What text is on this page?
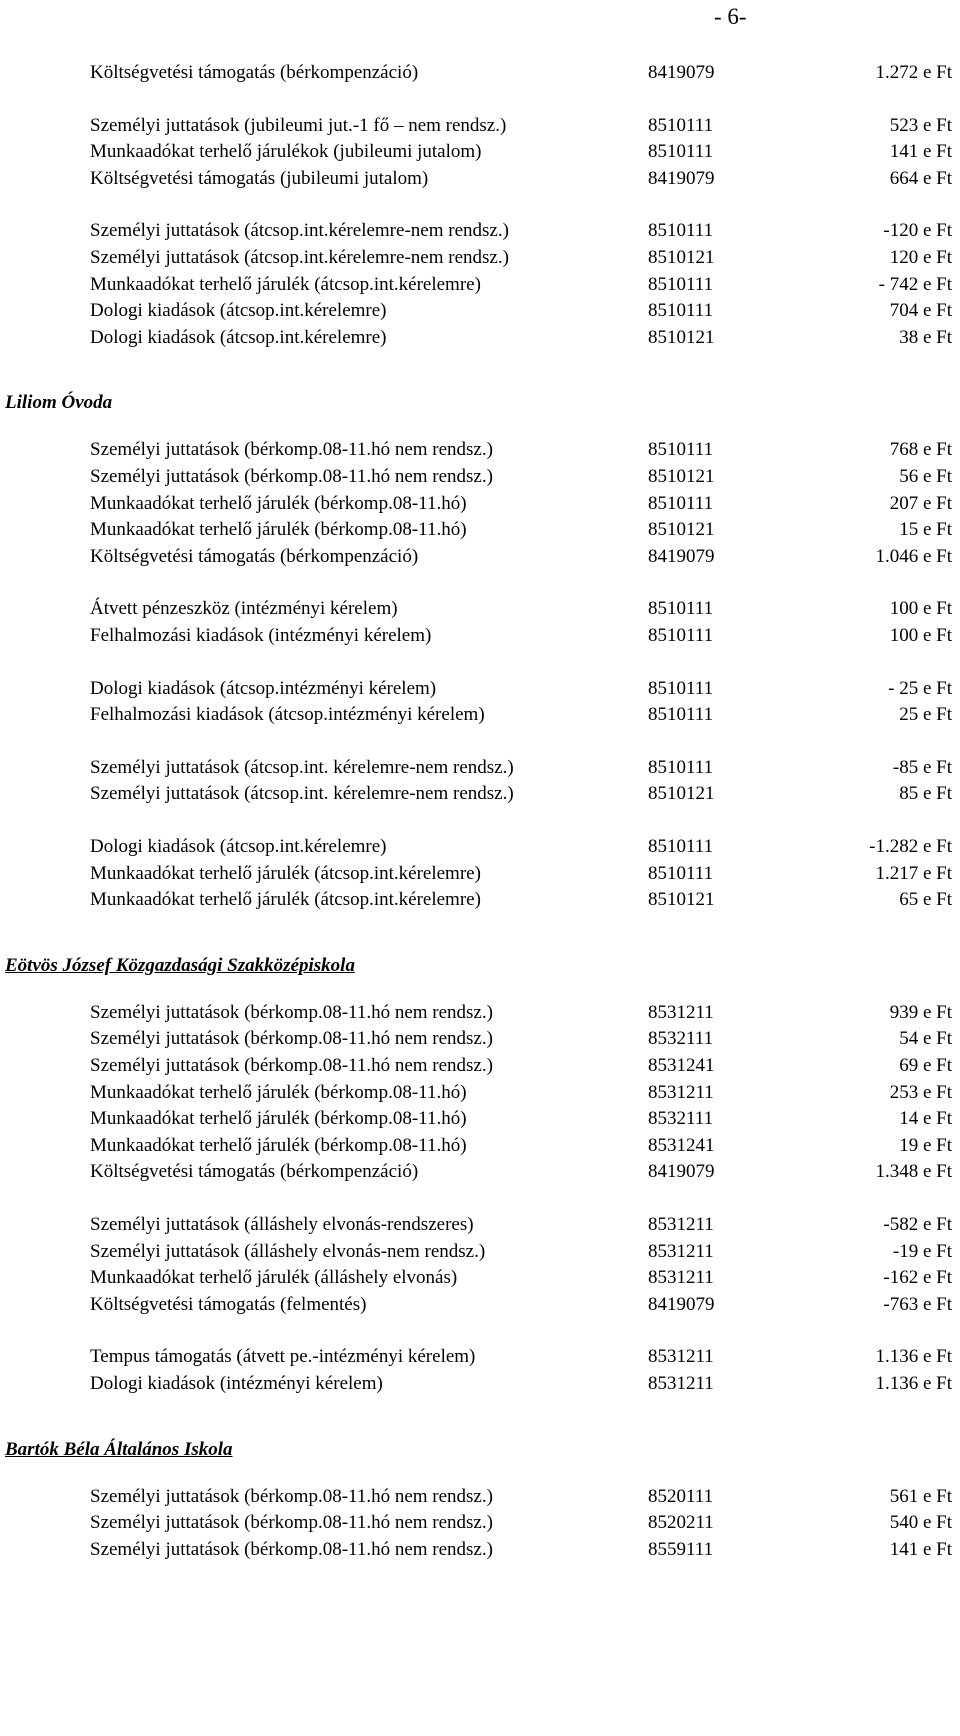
- 6-
Költségvetési támogatás (bérkompenzáció)	8419079	1.272 e Ft
Személyi juttatások (jubileumi jut.-1 fő – nem rendsz.)	8510111	523 e Ft
Munkaadókat terhelő járulékok (jubileumi jutalom)	8510111	141 e Ft
Költségvetési támogatás (jubileumi jutalom)	8419079	664 e Ft
Személyi juttatások (átcsop.int.kérelemre-nem rendsz.)	8510111	-120 e Ft
Személyi juttatások (átcsop.int.kérelemre-nem rendsz.)	8510121	120 e Ft
Munkaadókat terhelő járulék (átcsop.int.kérelemre)	8510111	- 742 e Ft
Dologi kiadások (átcsop.int.kérelemre)	8510111	704 e Ft
Dologi kiadások (átcsop.int.kérelemre)	8510121	38 e Ft
Liliom Óvoda
Személyi juttatások (bérkomp.08-11.hó nem rendsz.)	8510111	768 e Ft
Személyi juttatások (bérkomp.08-11.hó nem rendsz.)	8510121	56 e Ft
Munkaadókat terhelő járulék (bérkomp.08-11.hó)	8510111	207 e Ft
Munkaadókat terhelő járulék (bérkomp.08-11.hó)	8510121	15 e Ft
Költségvetési támogatás (bérkompenzáció)	8419079	1.046 e Ft
Átvett pénzeszköz (intézményi kérelem)	8510111	100 e Ft
Felhalmozási kiadások (intézményi kérelem)	8510111	100 e Ft
Dologi kiadások (átcsop.intézményi kérelem)	8510111	- 25 e Ft
Felhalmozási kiadások (átcsop.intézményi kérelem)	8510111	25 e Ft
Személyi juttatások (átcsop.int. kérelemre-nem rendsz.)	8510111	-85 e Ft
Személyi juttatások (átcsop.int. kérelemre-nem rendsz.)	8510121	85 e Ft
Dologi kiadások (átcsop.int.kérelemre)	8510111	-1.282 e Ft
Munkaadókat terhelő járulék (átcsop.int.kérelemre)	8510111	1.217 e Ft
Munkaadókat terhelő járulék (átcsop.int.kérelemre)	8510121	65 e Ft
Eötvös József Közgazdasági Szakközépiskola
Személyi juttatások (bérkomp.08-11.hó nem rendsz.)	8531211	939 e Ft
Személyi juttatások (bérkomp.08-11.hó nem rendsz.)	8532111	54 e Ft
Személyi juttatások (bérkomp.08-11.hó nem rendsz.)	8531241	69 e Ft
Munkaadókat terhelő járulék (bérkomp.08-11.hó)	8531211	253 e Ft
Munkaadókat terhelő járulék (bérkomp.08-11.hó)	8532111	14 e Ft
Munkaadókat terhelő járulék (bérkomp.08-11.hó)	8531241	19 e Ft
Költségvetési támogatás (bérkompenzáció)	8419079	1.348 e Ft
Személyi juttatások (álláshely elvonás-rendszeres)	8531211	-582 e Ft
Személyi juttatások (álláshely elvonás-nem rendsz.)	8531211	-19 e Ft
Munkaadókat terhelő járulék (álláshely elvonás)	8531211	-162 e Ft
Költségvetési támogatás (felmentés)	8419079	-763 e Ft
Tempus támogatás (átvett pe.-intézményi kérelem)	8531211	1.136 e Ft
Dologi kiadások (intézményi kérelem)	8531211	1.136 e Ft
Bartók Béla Általános Iskola
Személyi juttatások (bérkomp.08-11.hó nem rendsz.)	8520111	561 e Ft
Személyi juttatások (bérkomp.08-11.hó nem rendsz.)	8520211	540 e Ft
Személyi juttatások (bérkomp.08-11.hó nem rendsz.)	8559111	141 e Ft
